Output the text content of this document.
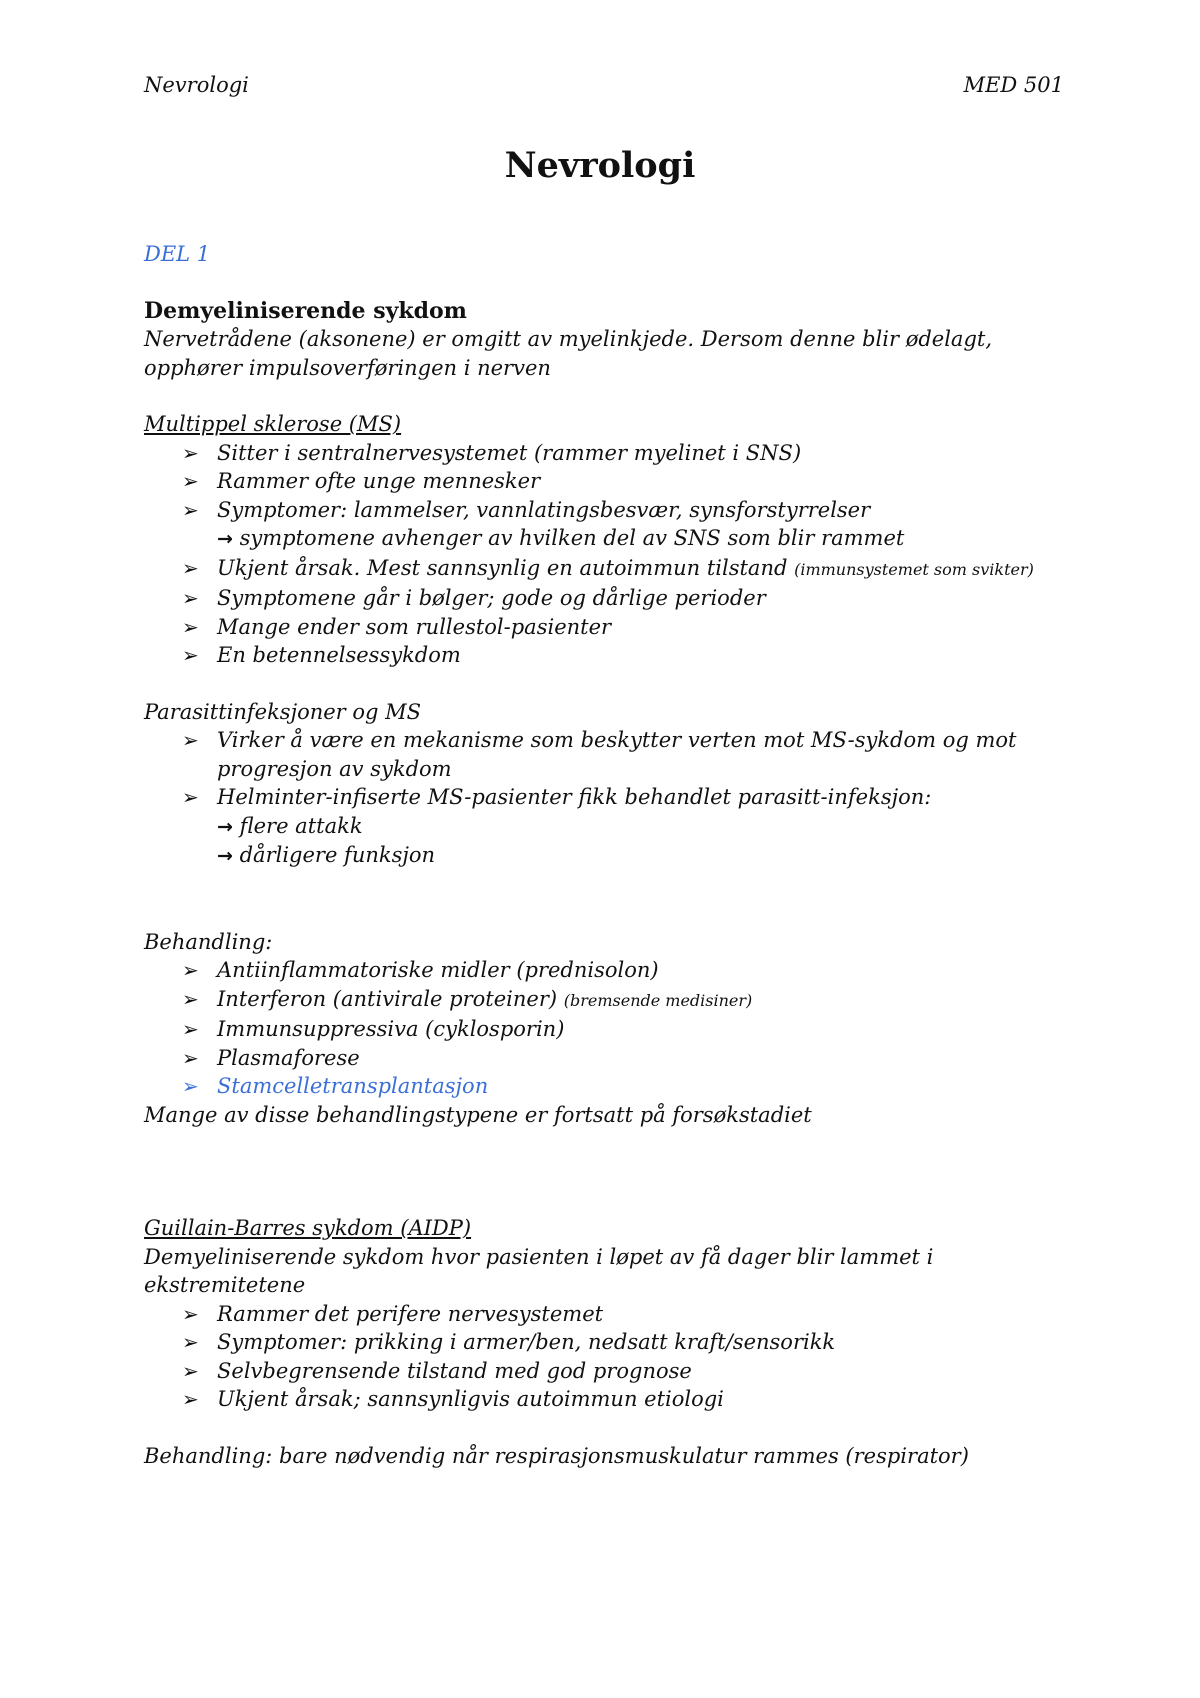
Nevrologi	MED 501
Nevrologi
DEL 1
Demyeliniserende sykdom
Nervetrådene (aksonene) er omgitt av myelinkjede. Dersom denne blir ødelagt, opphører impulsoverføringen i nerven
Multippel sklerose (MS)
➢ Sitter i sentralnervesystemet (rammer myelinet i SNS)
➢ Rammer ofte unge mennesker
➢ Symptomer: lammelser, vannlatingsbesvær, synsforstyrrelser
→ symptomene avhenger av hvilken del av SNS som blir rammet
➢ Ukjent årsak. Mest sannsynlig en autoimmun tilstand (immunsystemet som svikter)
➢ Symptomene går i bølger; gode og dårlige perioder
➢ Mange ender som rullestol-pasienter
➢ En betennelsessykdom
Parasittinfeksjoner og MS
➢ Virker å være en mekanisme som beskytter verten mot MS-sykdom og mot progresjon av sykdom
➢ Helminter-infiserte MS-pasienter fikk behandlet parasitt-infeksjon:
→ flere attakk
→ dårligere funksjon
Behandling:
➢ Antiinflammatoriske midler (prednisolon)
➢ Interferon (antivirale proteiner) (bremsende medisiner)
➢ Immunsuppressiva (cyklosporin)
➢ Plasmaforese
➢ Stamcelletransplantasjon
Mange av disse behandlingstypene er fortsatt på forsøkstadiet
Guillain-Barres sykdom (AIDP)
Demyeliniserende sykdom hvor pasienten i løpet av få dager blir lammet i ekstremitetene
➢ Rammer det perifere nervesystemet
➢ Symptomer: prikking i armer/ben, nedsatt kraft/sensorikk
➢ Selvbegrensende tilstand med god prognose
➢ Ukjent årsak; sannsynligvis autoimmun etiologi
Behandling: bare nødvendig når respirasjonsmuskulatur rammes (respirator)
